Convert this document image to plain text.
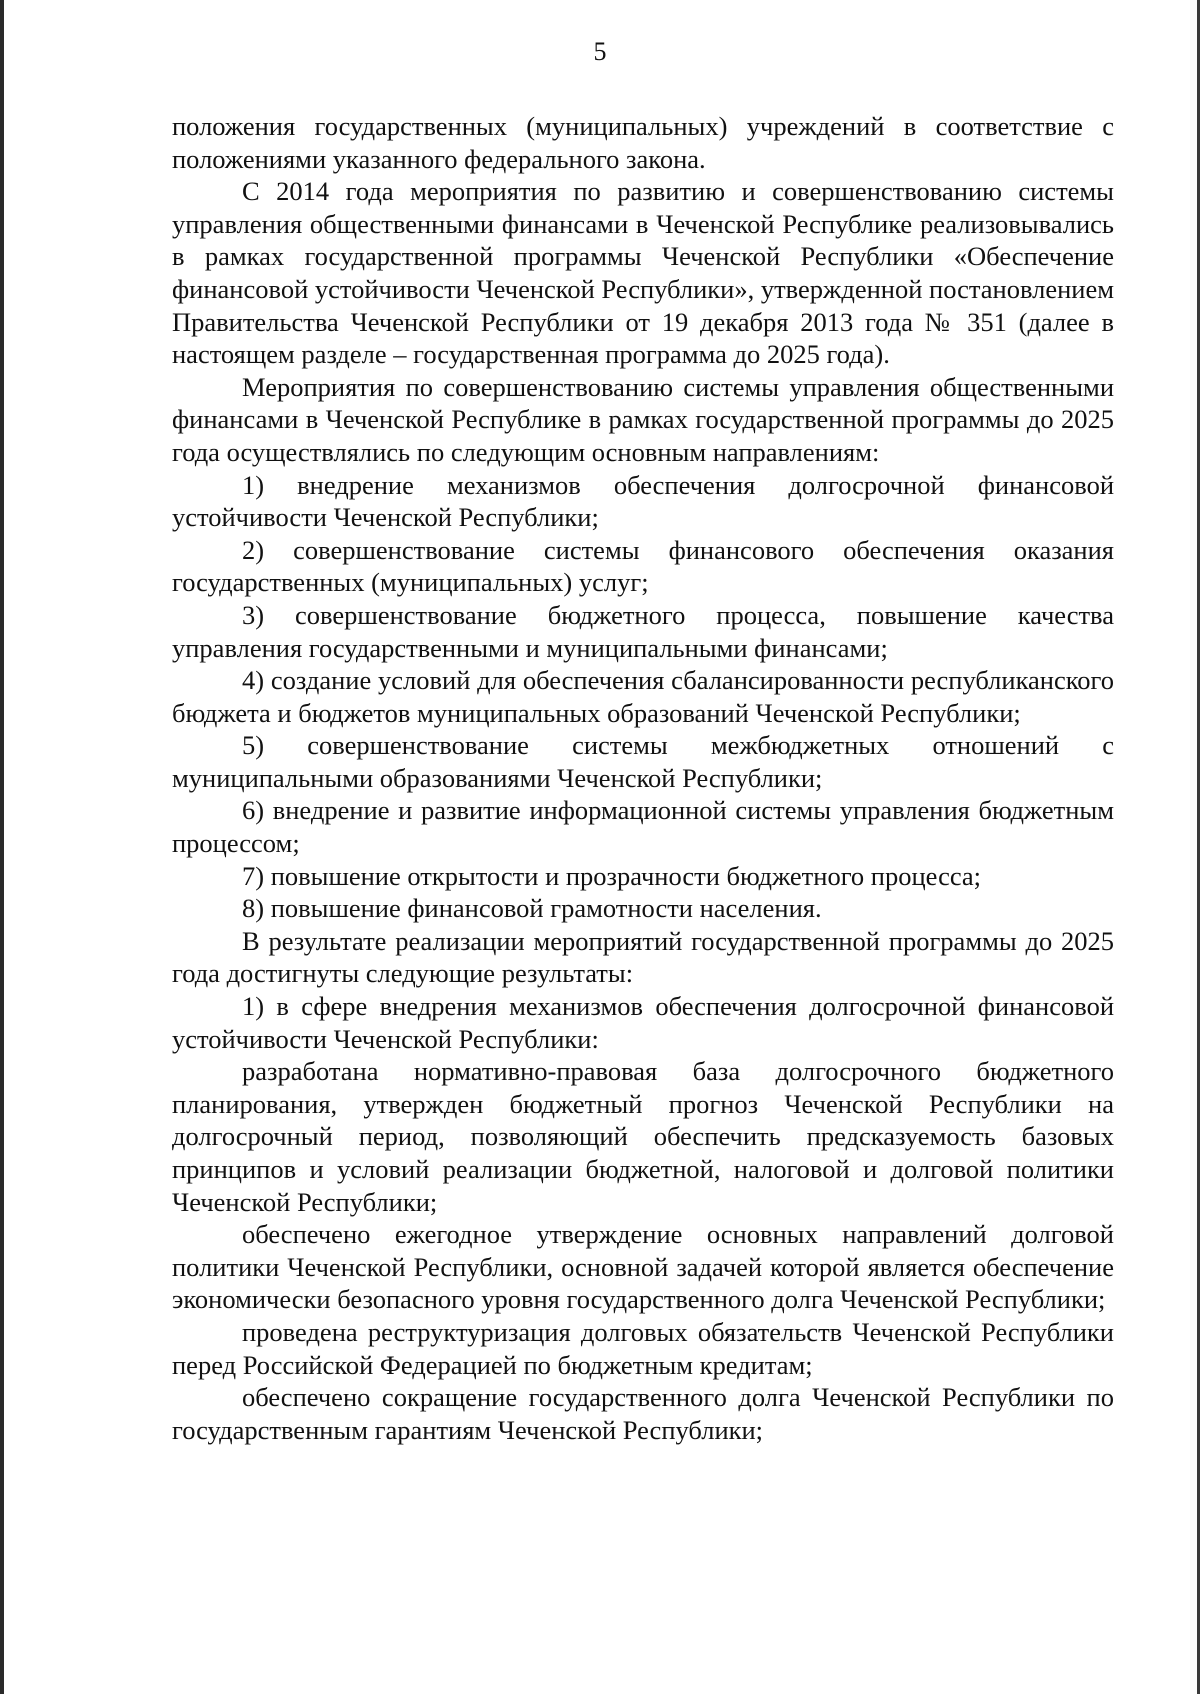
5

положения государственных (муниципальных) учреждений в соответствие с положениями указанного федерального закона.

С 2014 года мероприятия по развитию и совершенствованию системы управления общественными финансами в Чеченской Республике реализовывались в рамках государственной программы Чеченской Республики «Обеспечение финансовой устойчивости Чеченской Республики», утвержденной постановлением Правительства Чеченской Республики от 19 декабря 2013 года № 351 (далее в настоящем разделе – государственная программа до 2025 года).

Мероприятия по совершенствованию системы управления общественными финансами в Чеченской Республике в рамках государственной программы до 2025 года осуществлялись по следующим основным направлениям:

1) внедрение механизмов обеспечения долгосрочной финансовой устойчивости Чеченской Республики;

2) совершенствование системы финансового обеспечения оказания государственных (муниципальных) услуг;

3) совершенствование бюджетного процесса, повышение качества управления государственными и муниципальными финансами;

4) создание условий для обеспечения сбалансированности республиканского бюджета и бюджетов муниципальных образований Чеченской Республики;

5) совершенствование системы межбюджетных отношений с муниципальными образованиями Чеченской Республики;

6) внедрение и развитие информационной системы управления бюджетным процессом;

7) повышение открытости и прозрачности бюджетного процесса;

8) повышение финансовой грамотности населения.

В результате реализации мероприятий государственной программы до 2025 года достигнуты следующие результаты:

1) в сфере внедрения механизмов обеспечения долгосрочной финансовой устойчивости Чеченской Республики:

разработана нормативно-правовая база долгосрочного бюджетного планирования, утвержден бюджетный прогноз Чеченской Республики на долгосрочный период, позволяющий обеспечить предсказуемость базовых принципов и условий реализации бюджетной, налоговой и долговой политики Чеченской Республики;

обеспечено ежегодное утверждение основных направлений долговой политики Чеченской Республики, основной задачей которой является обеспечение экономически безопасного уровня государственного долга Чеченской Республики;

проведена реструктуризация долговых обязательств Чеченской Республики перед Российской Федерацией по бюджетным кредитам;

обеспечено сокращение государственного долга Чеченской Республики по государственным гарантиям Чеченской Республики;
